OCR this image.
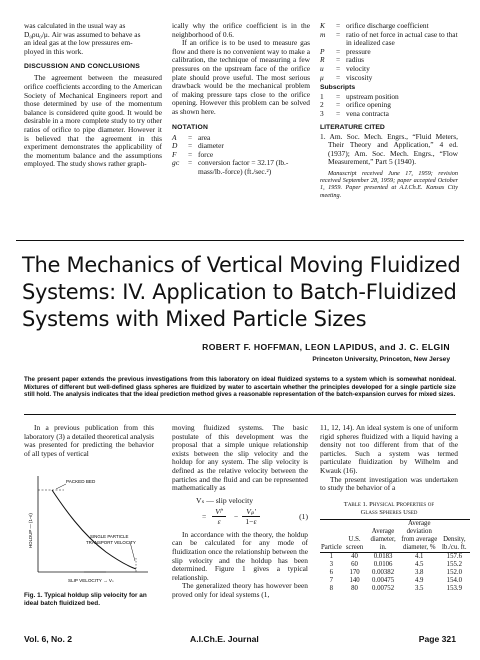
was calculated in the usual way as
D₀ρu₀/μ. Air was assumed to behave as
an ideal gas at the low pressures em-
ployed in this work.
DISCUSSION AND CONCLUSIONS
The agreement between the measured orifice coefficients according to the American Society of Mechanical Engineers report and those determined by use of the momentum balance is considered quite good. It would be desirable in a more complete study to try other ratios of orifice to pipe diameter. However it is believed that the agreement in this experiment demonstrates the applicability of the momentum balance and the assumptions employed. The study shows rather graph-
ically why the orifice coefficient is in the neighborhood of 0.6.
If an orifice is to be used to measure gas flow and there is no convenient way to make a calibration, the technique of measuring a few pressures on the upstream face of the orifice plate should prove useful. The most serious drawback would be the mechanical problem of making pressure taps close to the orifice opening. However this problem can be solved as shown here.
NOTATION
A	= area
D	= diameter
F	= force
gᴄ	= conversion factor = 32.17 (lb.-mass/lb.-force) (ft./sec.²)
K	= orifice discharge coefficient
m	= ratio of net force in actual case to that in idealized case
P	= pressure
R	= radius
u	= velocity
μ	= viscosity
Subscripts
1	= upstream position
2	= orifice opening
3	= vena contracta
LITERATURE CITED
1. Am. Soc. Mech. Engrs., “Fluid Meters, Their Theory and Application,” 4 ed. (1937); Am. Soc. Mech. Engrs., “Flow Measurement,” Part 5 (1940).
Manuscript received June 17, 1959; revision received September 28, 1959; paper accepted October 1, 1959. Paper presented at A.I.Ch.E. Kansas City meeting.
The Mechanics of Vertical Moving Fluidized
Systems: IV. Application to Batch-Fluidized
Systems with Mixed Particle Sizes
ROBERT F. HOFFMAN, LEON LAPIDUS, and J. C. ELGIN
Princeton University, Princeton, New Jersey
The present paper extends the previous investigations from this laboratory on ideal fluidized systems to a system which is somewhat nonideal. Mixtures of different but well-defined glass spheres are fluidized by water to ascertain whether the principles developed for a single particle size still hold. The analysis indicates that the ideal prediction method gives a reasonable representation of the batch-expansion curves for mixed sizes.
In a previous publication from this laboratory (3) a detailed theoretical analysis was presented for predicting the behavior of all types of vertical
HOLDUP — (1–ε)
PACKED BED
SINGLE PARTICLE
TRANSPORT VELOCITY
SLIP VELOCITY → Vₛ
Fig. 1. Typical holdup slip velocity for an ideal batch fluidized bed.
moving fluidized systems. The basic postulate of this development was the proposal that a simple unique relationship exists between the slip velocity and the holdup for any system. The slip velocity is defined as the relative velocity between the particles and the fluid and can be represented mathematically as
Vₛ — slip velocity
= $\frac{\text{Vᶠ′}}{\varepsilon} - \frac{\text{Vₚ′}}{1-\varepsilon}$	(1)
In accordance with the theory, the holdup can be calculated for any mode of fluidization once the relationship between the slip velocity and the holdup has been determined. Figure 1 gives a typical relationship.
The generalized theory has however been proved only for ideal systems (1,
11, 12, 14). An ideal system is one of uniform rigid spheres fluidized with a liquid having a density not too different from that of the particles. Such a system was termed particulate fluidization by Wilhelm and Kwauk (16).
The present investigation was undertaken to study the behavior of a
Table 1. Physical Properties of
Glass Spheres Used
Particle	U.S. screen	Average diameter, in.	Average deviation from average diameter, %	Density, lb./cu. ft.
1	40	0.0183	4.1	157.6
3	60	0.0106	4.5	155.2
6	170	0.00382	3.8	152.0
7	140	0.00475	4.9	154.0
8	80	0.00752	3.5	153.9
Vol. 6, No. 2	A.I.Ch.E. Journal	Page 321
